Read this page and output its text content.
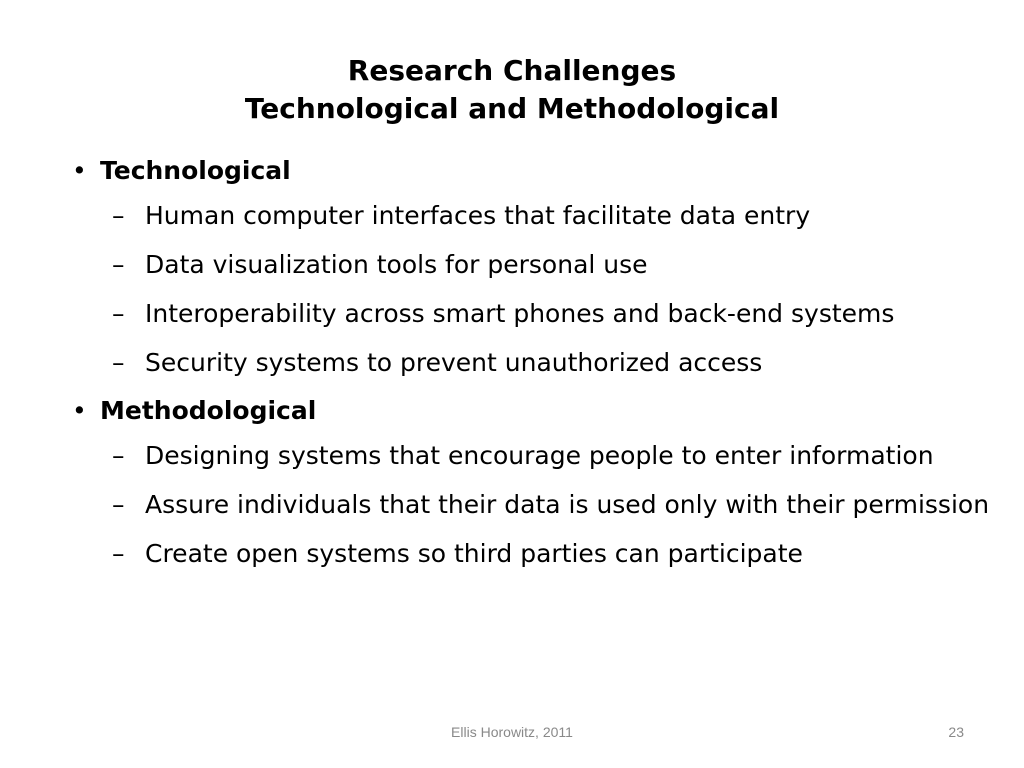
Research Challenges
Technological and Methodological
• Technological
– Human computer interfaces that facilitate data entry
– Data visualization tools for personal use
– Interoperability across smart phones and back-end systems
– Security systems to prevent unauthorized access
• Methodological
– Designing systems that encourage people to enter information
– Assure individuals that their data is used only with their permission
– Create open systems so third parties can participate
Ellis Horowitz, 2011	23
